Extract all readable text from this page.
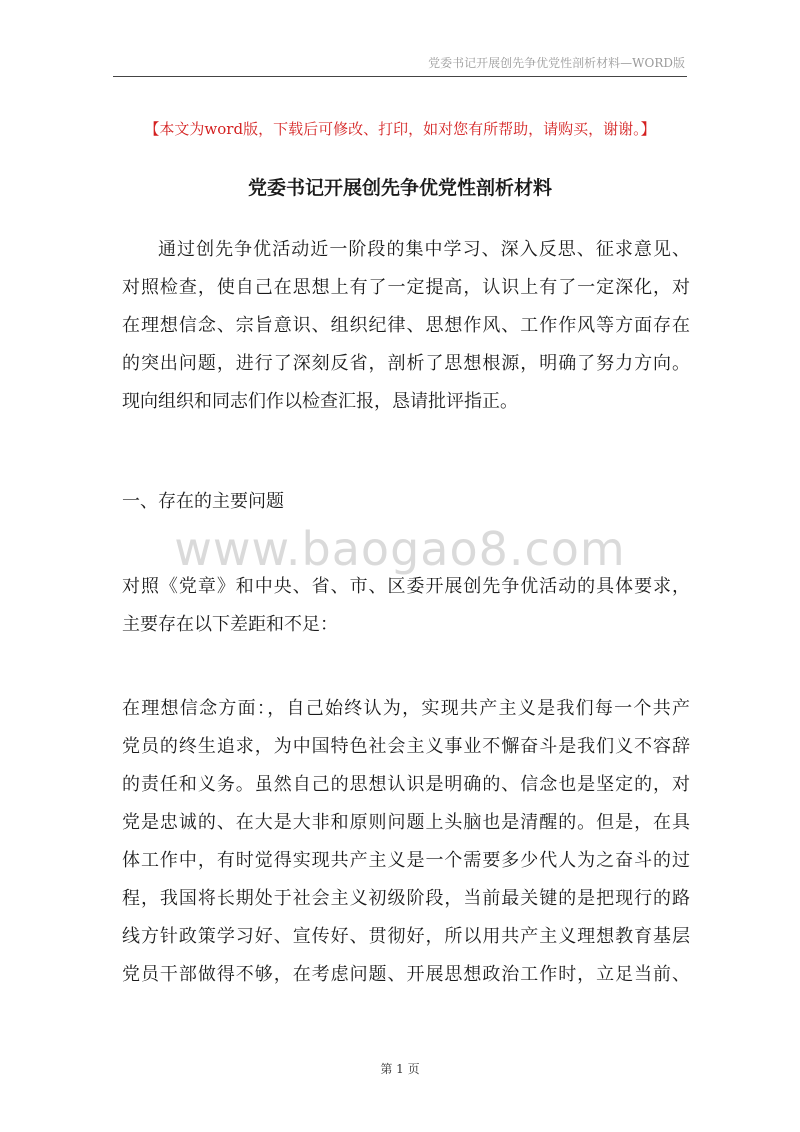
党委书记开展创先争优党性剖析材料—WORD版
【本文为word版，下载后可修改、打印，如对您有所帮助，请购买，谢谢。】
党委书记开展创先争优党性剖析材料

通过创先争优活动近一阶段的集中学习、深入反思、征求意见、
对照检查，使自己在思想上有了一定提高，认识上有了一定深化，对
在理想信念、宗旨意识、组织纪律、思想作风、工作作风等方面存在
的突出问题，进行了深刻反省，剖析了思想根源，明确了努力方向。
现向组织和同志们作以检查汇报，恳请批评指正。

一、存在的主要问题

www.baogao8.com

对照《党章》和中央、省、市、区委开展创先争优活动的具体要求，
主要存在以下差距和不足：

在理想信念方面：，自己始终认为，实现共产主义是我们每一个共产
党员的终生追求，为中国特色社会主义事业不懈奋斗是我们义不容辞
的责任和义务。虽然自己的思想认识是明确的、信念也是坚定的，对
党是忠诚的、在大是大非和原则问题上头脑也是清醒的。但是，在具
体工作中，有时觉得实现共产主义是一个需要多少代人为之奋斗的过
程，我国将长期处于社会主义初级阶段，当前最关键的是把现行的路
线方针政策学习好、宣传好、贯彻好，所以用共产主义理想教育基层
党员干部做得不够，在考虑问题、开展思想政治工作时，立足当前、

第 1 页
